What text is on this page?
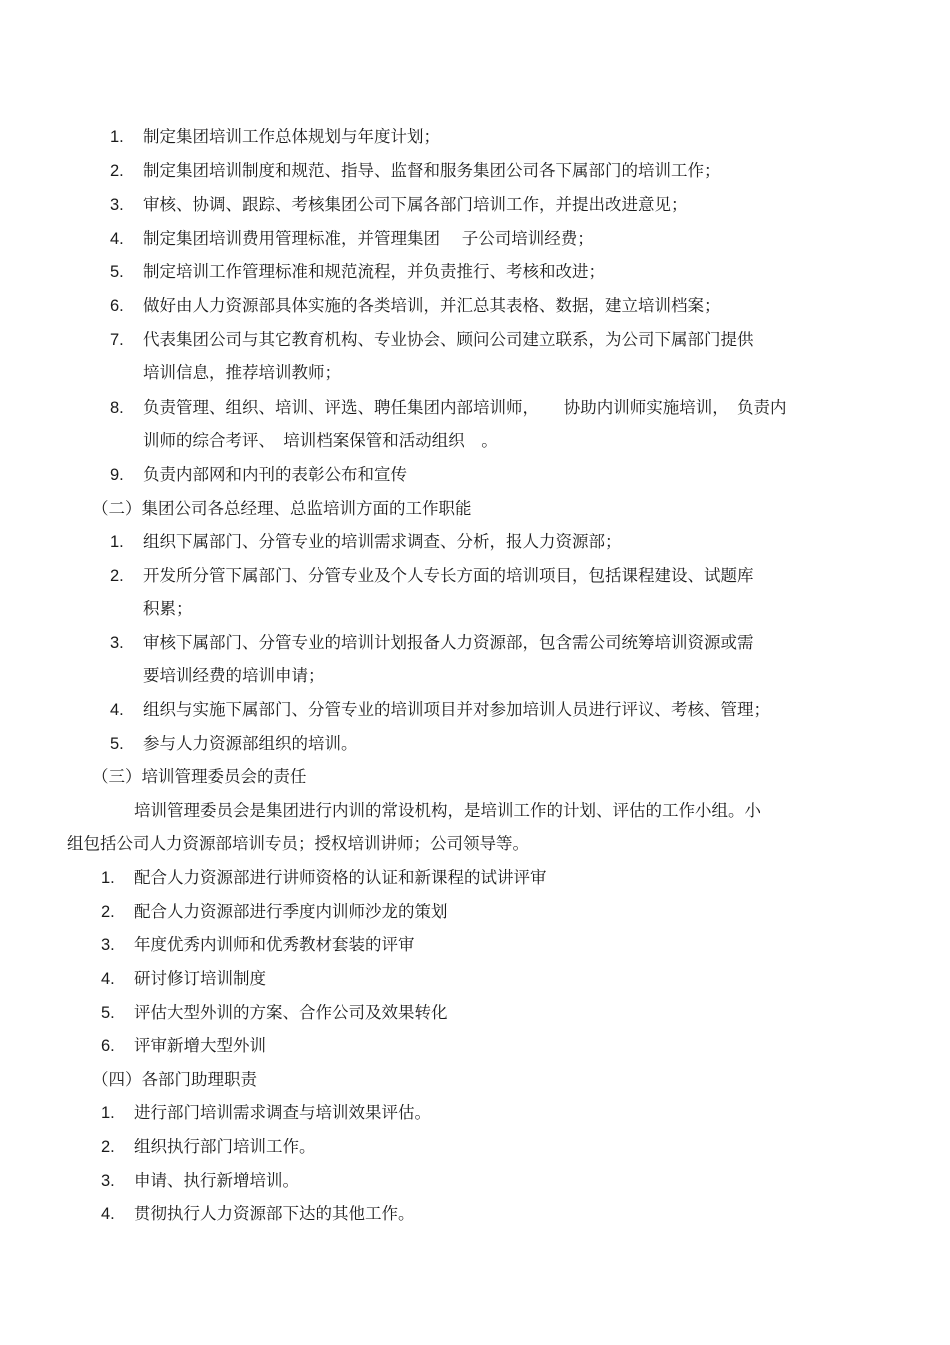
1. 制定集团培训工作总体规划与年度计划；
2. 制定集团培训制度和规范、指导、监督和服务集团公司各下属部门的培训工作；
3. 审核、协调、跟踪、考核集团公司下属各部门培训工作，并提出改进意见；
4. 制定集团培训费用管理标准，并管理集团　 子公司培训经费；
5. 制定培训工作管理标准和规范流程，并负责推行、考核和改进；
6. 做好由人力资源部具体实施的各类培训，并汇总其表格、数据，建立培训档案；
7. 代表集团公司与其它教育机构、专业协会、顾问公司建立联系，为公司下属部门提供
培训信息，推荐培训教师；
8. 负责管理、组织、培训、评选、聘任集团内部培训师，　　协助内训师实施培训，　负责内
训师的综合考评、　培训档案保管和活动组织　。
9. 负责内部网和内刊的表彰公布和宣传
（二）集团公司各总经理、总监培训方面的工作职能
1. 组织下属部门、分管专业的培训需求调查、分析，报人力资源部；
2. 开发所分管下属部门、分管专业及个人专长方面的培训项目，包括课程建设、试题库
积累；
3. 审核下属部门、分管专业的培训计划报备人力资源部，包含需公司统筹培训资源或需
要培训经费的培训申请；
4. 组织与实施下属部门、分管专业的培训项目并对参加培训人员进行评议、考核、管理；
5. 参与人力资源部组织的培训。
（三）培训管理委员会的责任
培训管理委员会是集团进行内训的常设机构，是培训工作的计划、评估的工作小组。小
组包括公司人力资源部培训专员；授权培训讲师；公司领导等。
1. 配合人力资源部进行讲师资格的认证和新课程的试讲评审
2. 配合人力资源部进行季度内训师沙龙的策划
3. 年度优秀内训师和优秀教材套装的评审
4. 研讨修订培训制度
5. 评估大型外训的方案、合作公司及效果转化
6. 评审新增大型外训
（四）各部门助理职责
1. 进行部门培训需求调查与培训效果评估。
2. 组织执行部门培训工作。
3. 申请、执行新增培训。
4. 贯彻执行人力资源部下达的其他工作。
